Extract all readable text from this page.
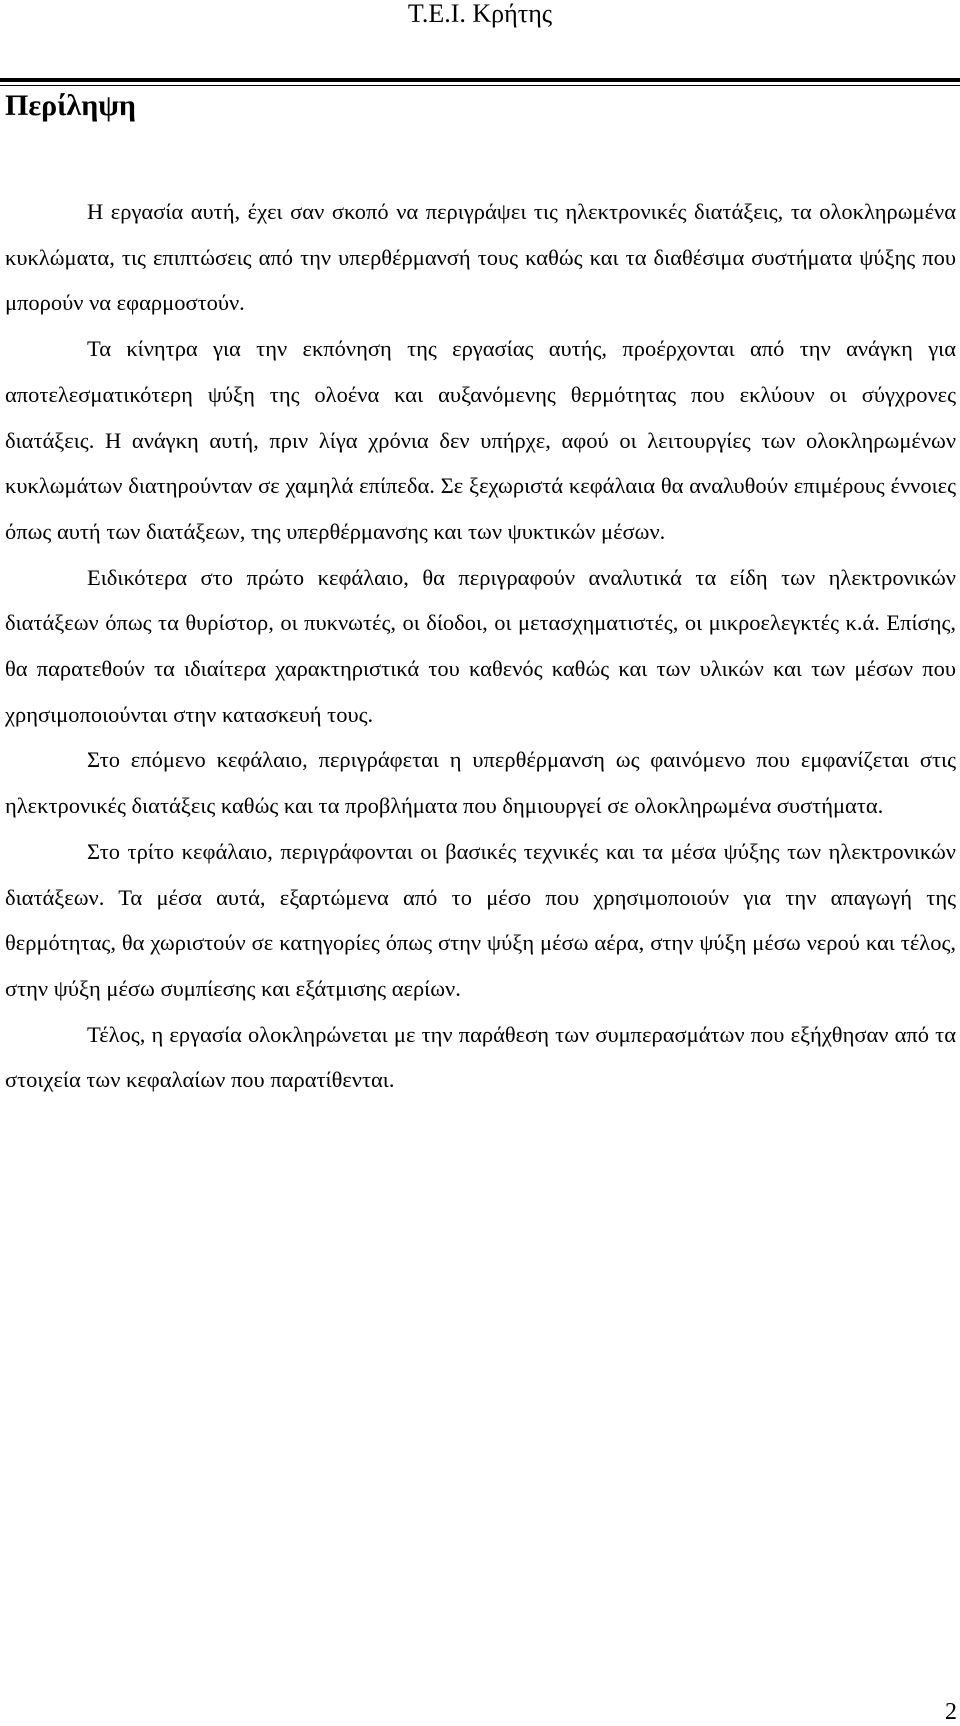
Τ.Ε.Ι. Κρήτης
Περίληψη

Η εργασία αυτή, έχει σαν σκοπό να περιγράψει τις ηλεκτρονικές διατάξεις, τα ολοκληρωμένα κυκλώματα, τις επιπτώσεις από την υπερθέρμανσή τους καθώς και τα διαθέσιμα συστήματα ψύξης που μπορούν να εφαρμοστούν.

Τα κίνητρα για την εκπόνηση της εργασίας αυτής, προέρχονται από την ανάγκη για αποτελεσματικότερη ψύξη της ολοένα και αυξανόμενης θερμότητας που εκλύουν οι σύγχρονες διατάξεις. Η ανάγκη αυτή, πριν λίγα χρόνια δεν υπήρχε, αφού οι λειτουργίες των ολοκληρωμένων κυκλωμάτων διατηρούνταν σε χαμηλά επίπεδα. Σε ξεχωριστά κεφάλαια θα αναλυθούν επιμέρους έννοιες όπως αυτή των διατάξεων, της υπερθέρμανσης και των ψυκτικών μέσων.

Ειδικότερα στο πρώτο κεφάλαιο, θα περιγραφούν αναλυτικά τα είδη των ηλεκτρονικών διατάξεων όπως τα θυρίστορ, οι πυκνωτές, οι δίοδοι, οι μετασχηματιστές, οι μικροελεγκτές κ.ά. Επίσης, θα παρατεθούν τα ιδιαίτερα χαρακτηριστικά του καθενός καθώς και των υλικών και των μέσων που χρησιμοποιούνται στην κατασκευή τους.

Στο επόμενο κεφάλαιο, περιγράφεται η υπερθέρμανση ως φαινόμενο που εμφανίζεται στις ηλεκτρονικές διατάξεις καθώς και τα προβλήματα που δημιουργεί σε ολοκληρωμένα συστήματα.

Στο τρίτο κεφάλαιο, περιγράφονται οι βασικές τεχνικές και τα μέσα ψύξης των ηλεκτρονικών διατάξεων. Τα μέσα αυτά, εξαρτώμενα από το μέσο που χρησιμοποιούν για την απαγωγή της θερμότητας, θα χωριστούν σε κατηγορίες όπως στην ψύξη μέσω αέρα, στην ψύξη μέσω νερού και τέλος, στην ψύξη μέσω συμπίεσης και εξάτμισης αερίων.

Τέλος, η εργασία ολοκληρώνεται με την παράθεση των συμπερασμάτων που εξήχθησαν από τα στοιχεία των κεφαλαίων που παρατίθενται.

2
